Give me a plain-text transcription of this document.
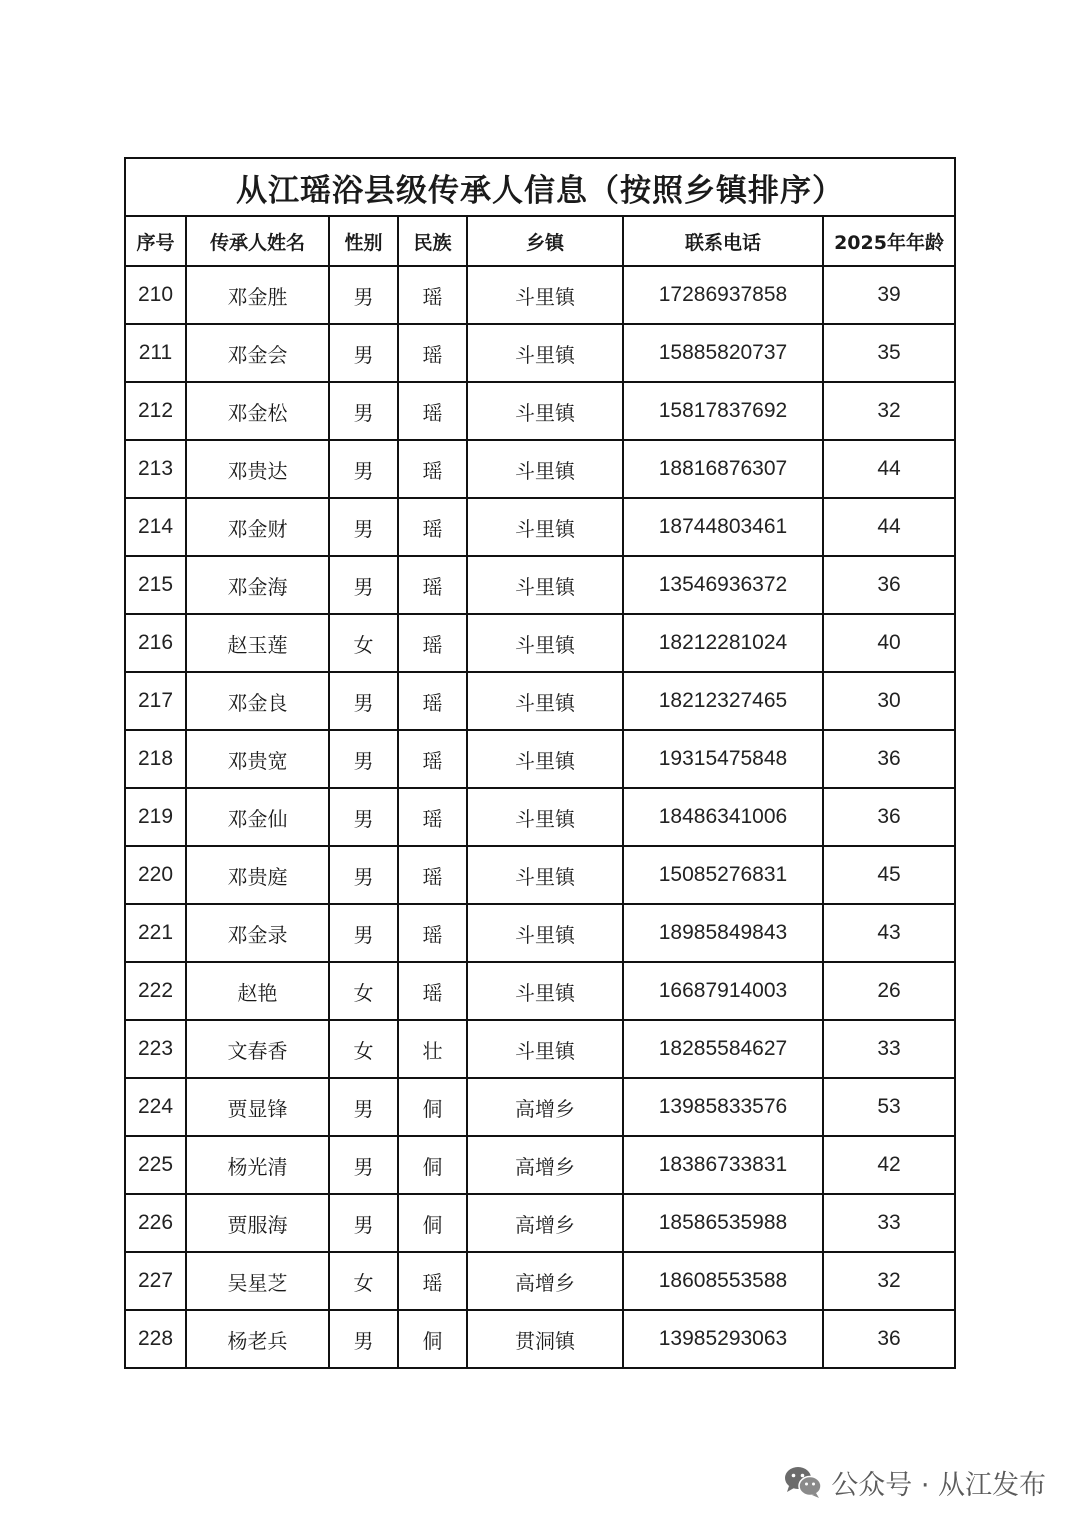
从江瑶浴县级传承人信息（按照乡镇排序）						
序号	传承人姓名	性别	民族	乡镇	联系电话	2025年年龄
210	邓金胜	男	瑶	斗里镇	17286937858	39
211	邓金会	男	瑶	斗里镇	15885820737	35
212	邓金松	男	瑶	斗里镇	15817837692	32
213	邓贵达	男	瑶	斗里镇	18816876307	44
214	邓金财	男	瑶	斗里镇	18744803461	44
215	邓金海	男	瑶	斗里镇	13546936372	36
216	赵玉莲	女	瑶	斗里镇	18212281024	40
217	邓金良	男	瑶	斗里镇	18212327465	30
218	邓贵宽	男	瑶	斗里镇	19315475848	36
219	邓金仙	男	瑶	斗里镇	18486341006	36
220	邓贵庭	男	瑶	斗里镇	15085276831	45
221	邓金录	男	瑶	斗里镇	18985849843	43
222	赵艳	女	瑶	斗里镇	16687914003	26
223	文春香	女	壮	斗里镇	18285584627	33
224	贾显锋	男	侗	高增乡	13985833576	53
225	杨光清	男	侗	高增乡	18386733831	42
226	贾服海	男	侗	高增乡	18586535988	33
227	吴星芝	女	瑶	高增乡	18608553588	32
228	杨老兵	男	侗	贯洞镇	13985293063	36
公众号 · 从江发布
